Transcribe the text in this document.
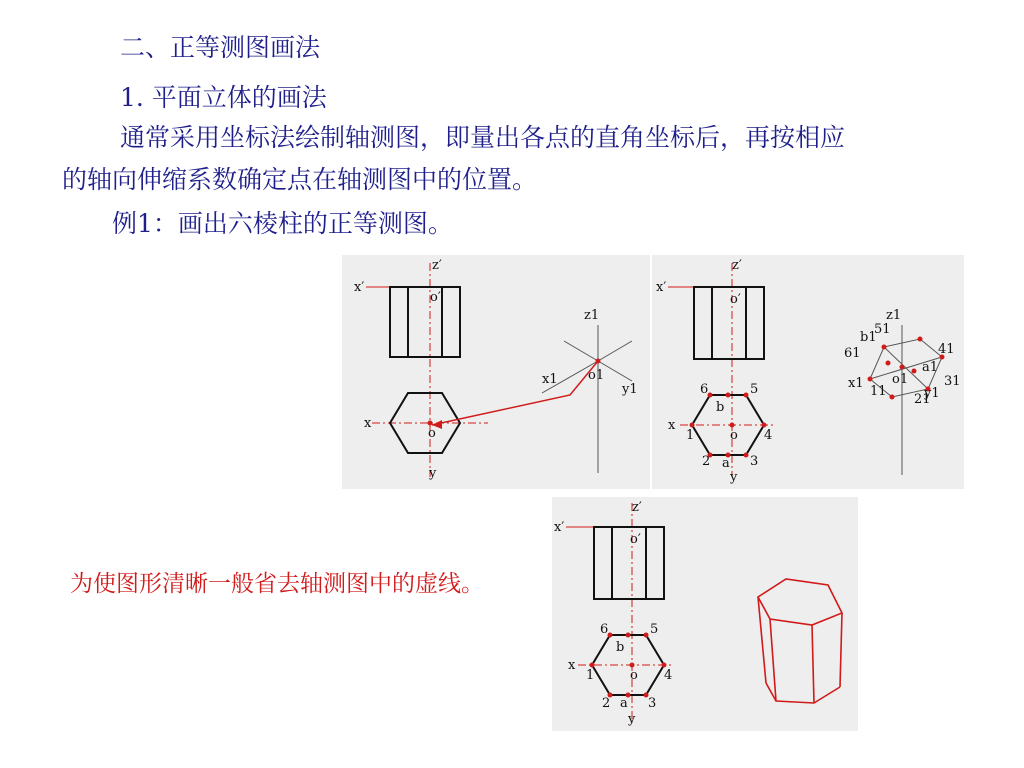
二、正等测图画法
1. 平面立体的画法
通常采用坐标法绘制轴测图，即量出各点的直角坐标后，再按相应
的轴向伸缩系数确定点在轴测图中的位置。
例1：画出六棱柱的正等测图。
x′
z′
o′
x
o
y
z1
x1 o1
y1
x′
z′
o′
x
1
2	3
4
5
6
a
b
o
y
z1
x1 o1
y1
11
21
31
41
51
61
a1
b1
x′
z′
o′
x
1
2	3
4
5
6
a
b
o
y
为使图形清晰一般省去轴测图中的虚线。
